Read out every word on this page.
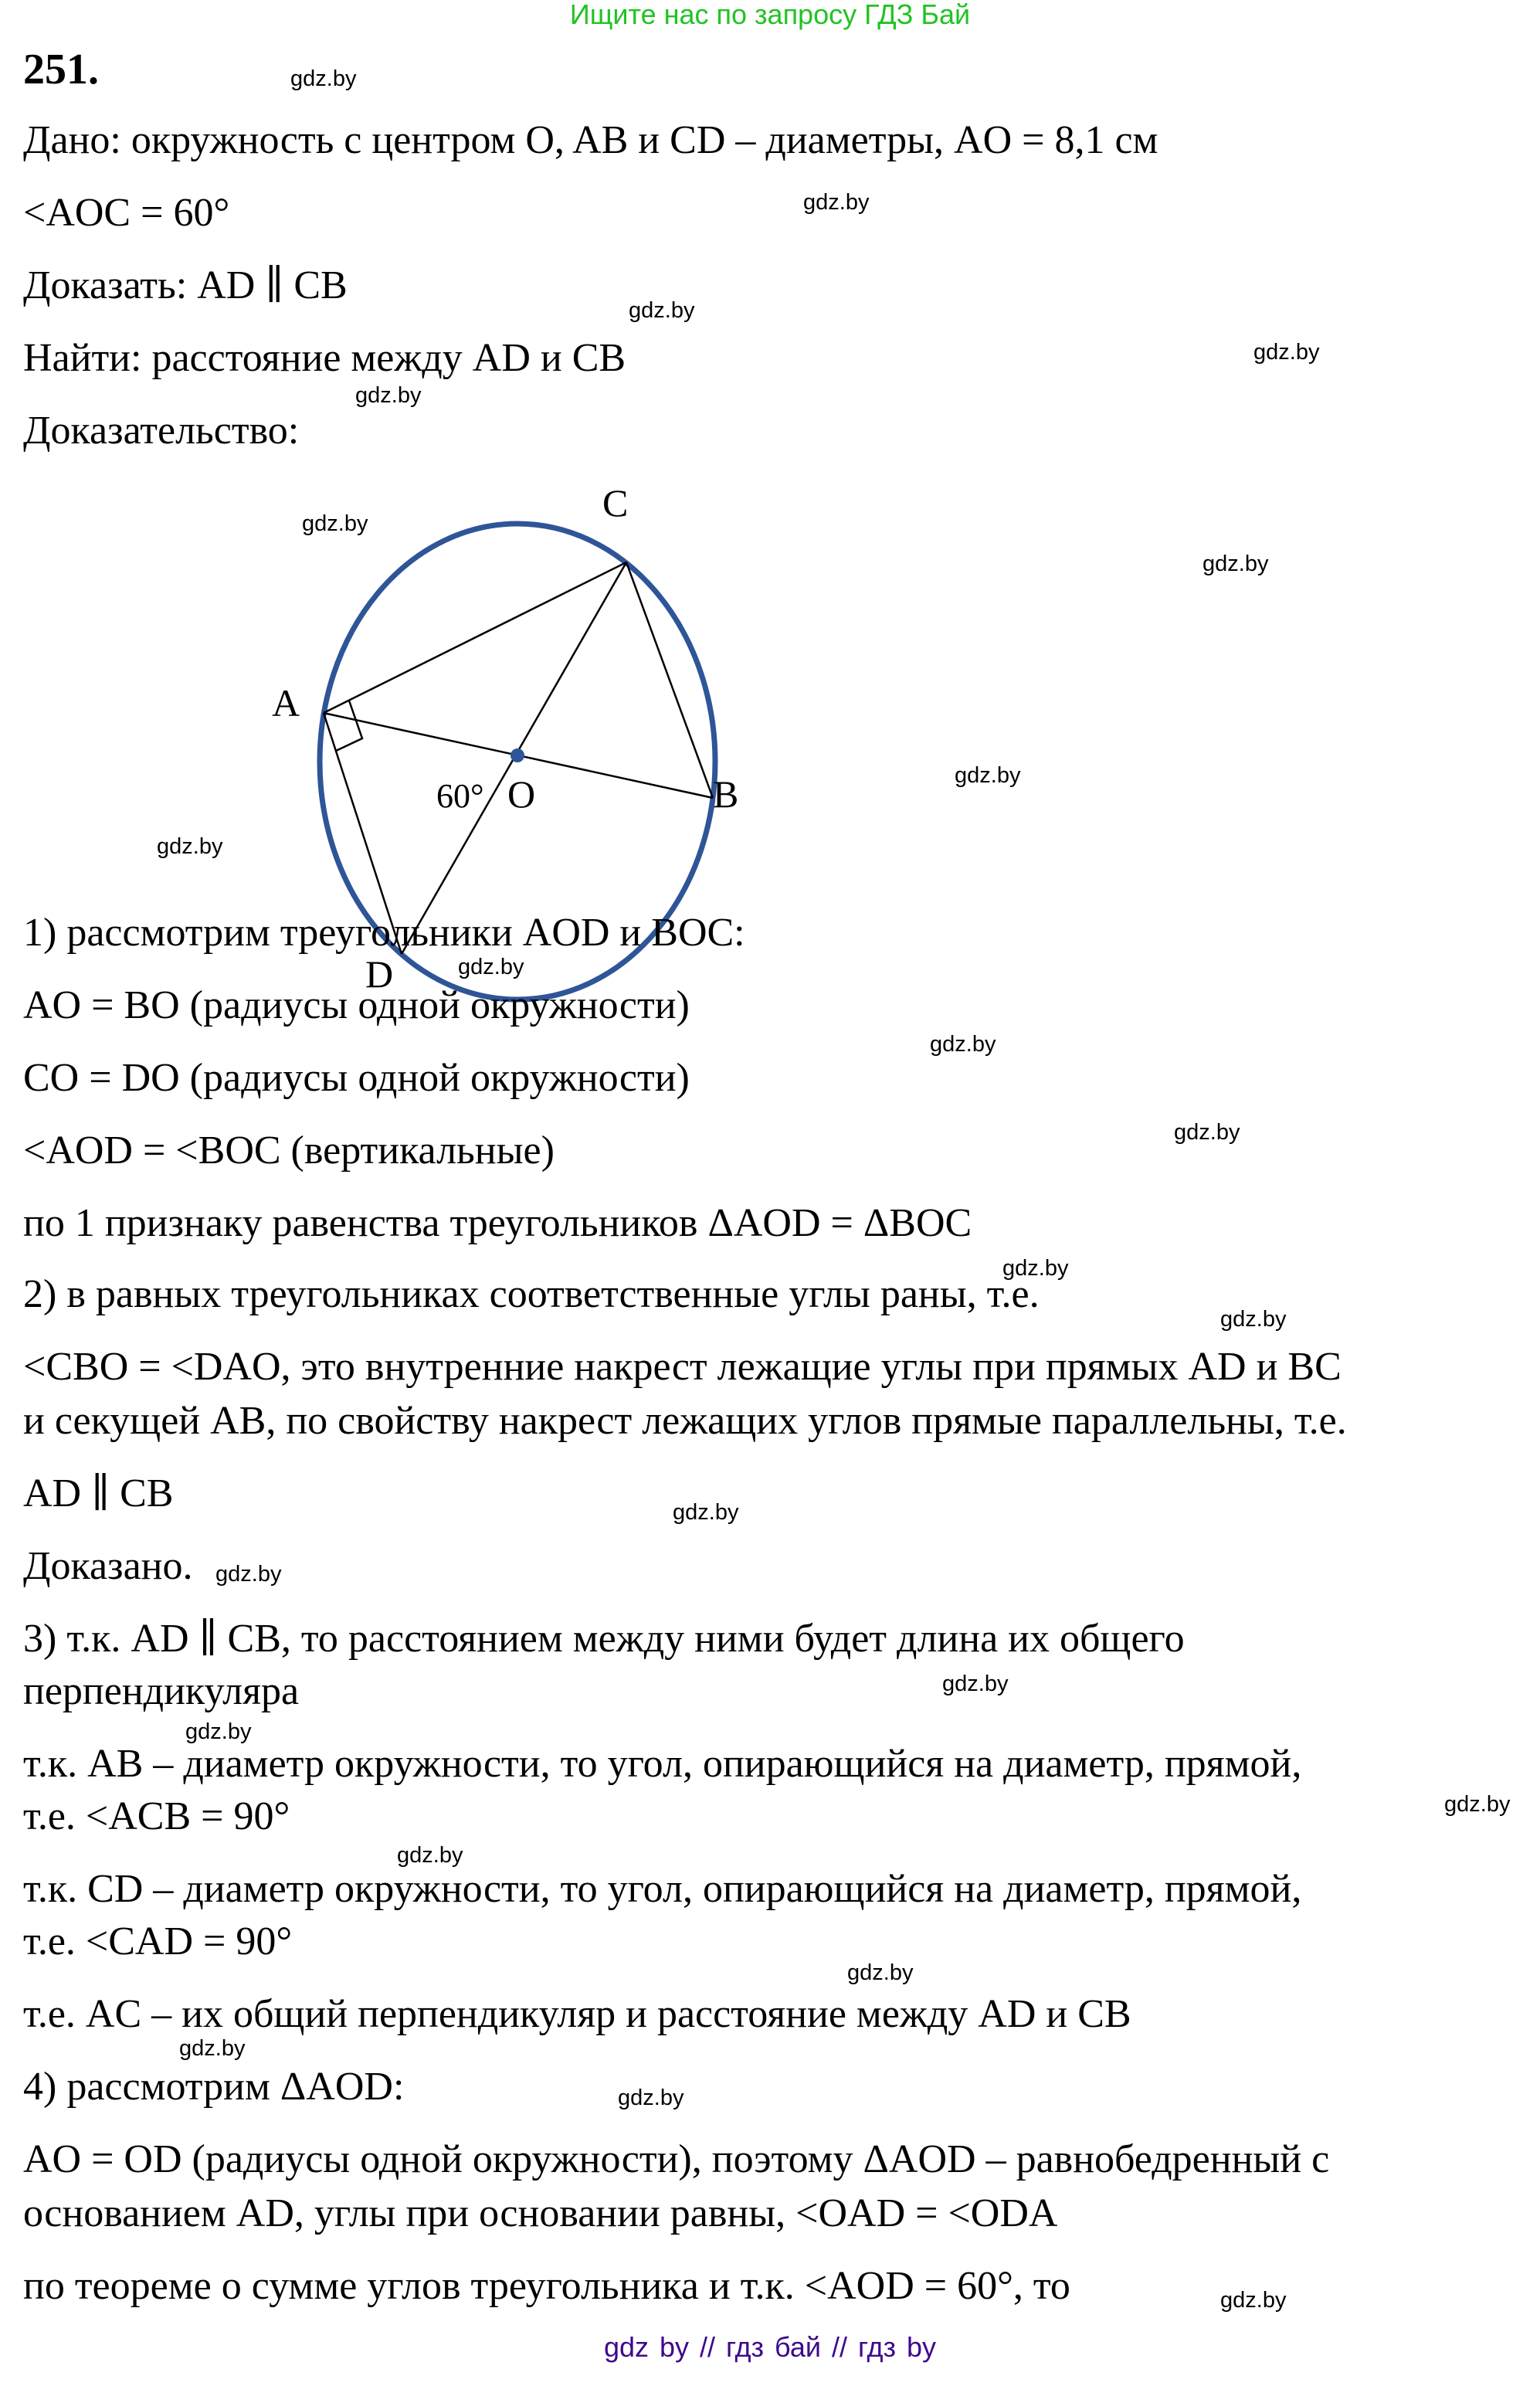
Ищите нас по запросу ГДЗ Бай
251.
Дано: окружность с центром O, AB и CD – диаметры, AO = 8,1 см
<AOC = 60°
Доказать: AD ∥ CB
Найти: расстояние между AD и CB
Доказательство:
A
B
C
D
O
60°
1) рассмотрим треугольники AOD и BOC:
AO = BO (радиусы одной окружности)
CO = DO (радиусы одной окружности)
<AOD = <BOC (вертикальные)
по 1 признаку равенства треугольников ΔAOD = ΔBOC
2) в равных треугольниках соответственные углы раны, т.е.
<CBO = <DAO, это внутренние накрест лежащие углы при прямых AD и BC
и секущей AB, по свойству накрест лежащих углов прямые параллельны, т.е.
AD ∥ CB
Доказано.
3) т.к. AD ∥ CB, то расстоянием между ними будет длина их общего
перпендикуляра
т.к. AB – диаметр окружности, то угол, опирающийся на диаметр, прямой,
т.е. <ACB = 90°
т.к. CD – диаметр окружности, то угол, опирающийся на диаметр, прямой,
т.е. <CAD = 90°
т.е. AC – их общий перпендикуляр и расстояние между AD и CB
4) рассмотрим ΔAOD:
AO = OD (радиусы одной окружности), поэтому ΔAOD – равнобедренный с
основанием AD, углы при основании равны, <OAD = <ODA
по теореме о сумме углов треугольника и т.к. <AOD = 60°, то
gdz.by
gdz.by
gdz.by
gdz.by
gdz.by
gdz.by
gdz.by
gdz.by
gdz.by
gdz.by
gdz.by
gdz.by
gdz.by
gdz.by
gdz.by
gdz.by
gdz.by
gdz.by
gdz.by
gdz.by
gdz.by
gdz.by
gdz.by
gdz.by
gdz by // гдз бай // гдз by
